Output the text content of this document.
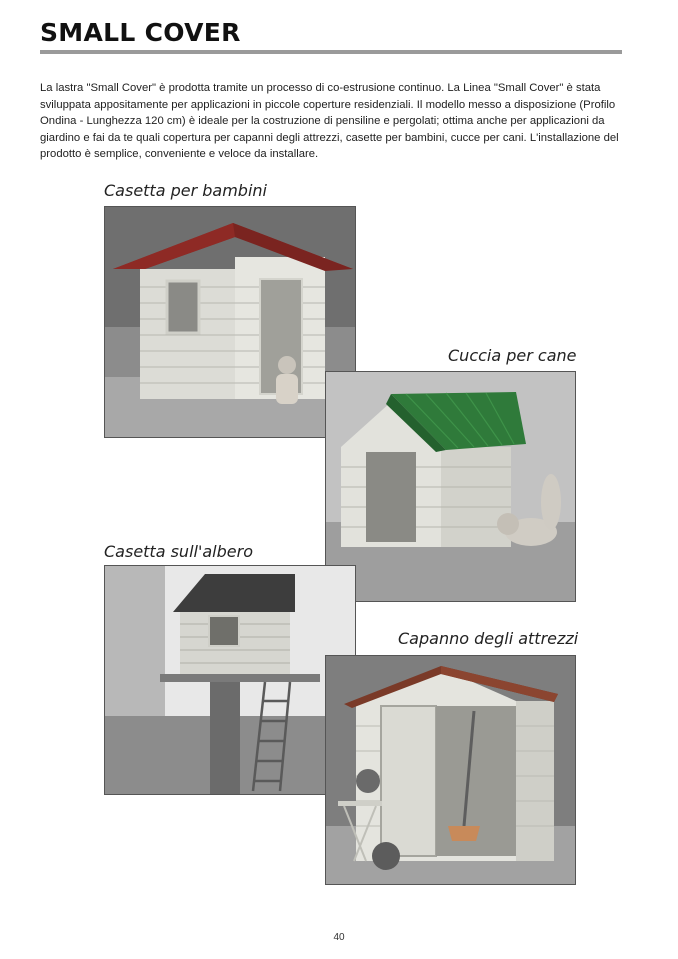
SMALL COVER
La lastra "Small Cover" è prodotta tramite un processo di co-estrusione continuo. La Linea "Small Cover" è stata sviluppata appositamente per applicazioni in piccole coperture residenziali. Il modello messo a disposizione (Profilo Ondina - Lunghezza 120 cm) è ideale per la costruzione di pensiline e pergolati; ottima anche per applicazioni da giardino e fai da te quali copertura per capanni degli attrezzi, casette per bambini, cucce per cani. L'installazione del prodotto è semplice, conveniente e veloce da installare.
Casetta per bambini
Cuccia per cane
Casetta sull'albero
Capanno degli attrezzi
40
